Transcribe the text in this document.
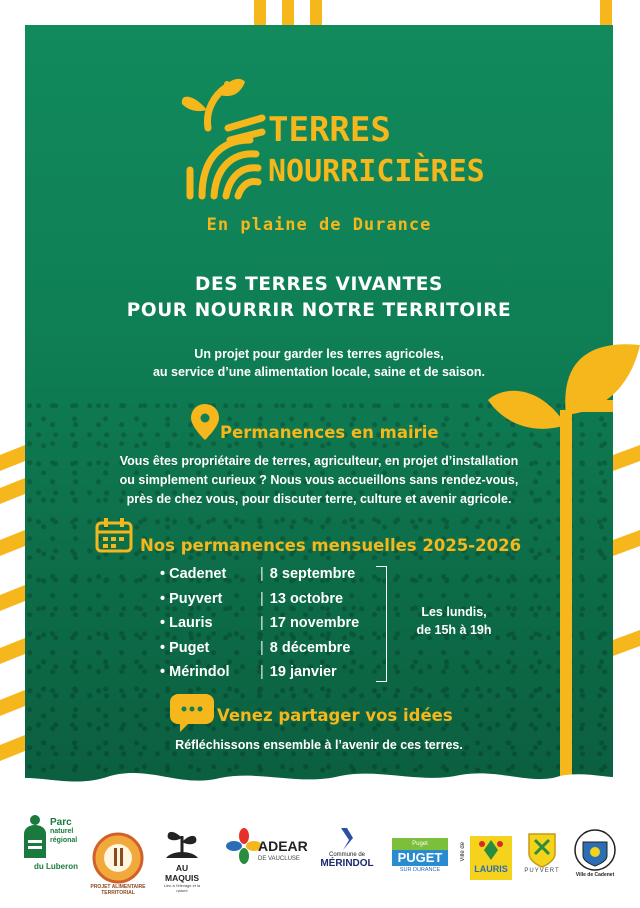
TERRES
NOURRICIÈRES
En plaine de Durance
DES TERRES VIVANTES
POUR NOURRIR NOTRE TERRITOIRE
Un projet pour garder les terres agricoles,
au service d’une alimentation locale, saine et de saison.
Permanences en mairie
Vous êtes propriétaire de terres, agriculteur, en projet d’installation
ou simplement curieux ? Nous vous accueillons sans rendez-vous,
près de chez vous, pour discuter terre, culture et avenir agricole.
Nos permanences mensuelles 2025-2026
• Cadenet	| 8 septembre
• Puyvert	| 13 octobre
• Lauris	| 17 novembre
• Puget	| 8 décembre
• Mérindol	| 19 janvier
Les lundis,
de 15h à 19h
Venez partager vos idées
Réfléchissons ensemble à l’avenir de ces terres.
Parc
naturel
régional
du Luberon
PROJET ALIMENTAIRE TERRITORIAL
AU MAQUIS
Lieu à l'élevage et la nature
ADEAR
DE VAUCLUSE
Commune de
MÉRINDOL
Puget
PUGET
SUR DURANCE
Ville de
LAURIS	PUYVERT
Ville de Cadenet
